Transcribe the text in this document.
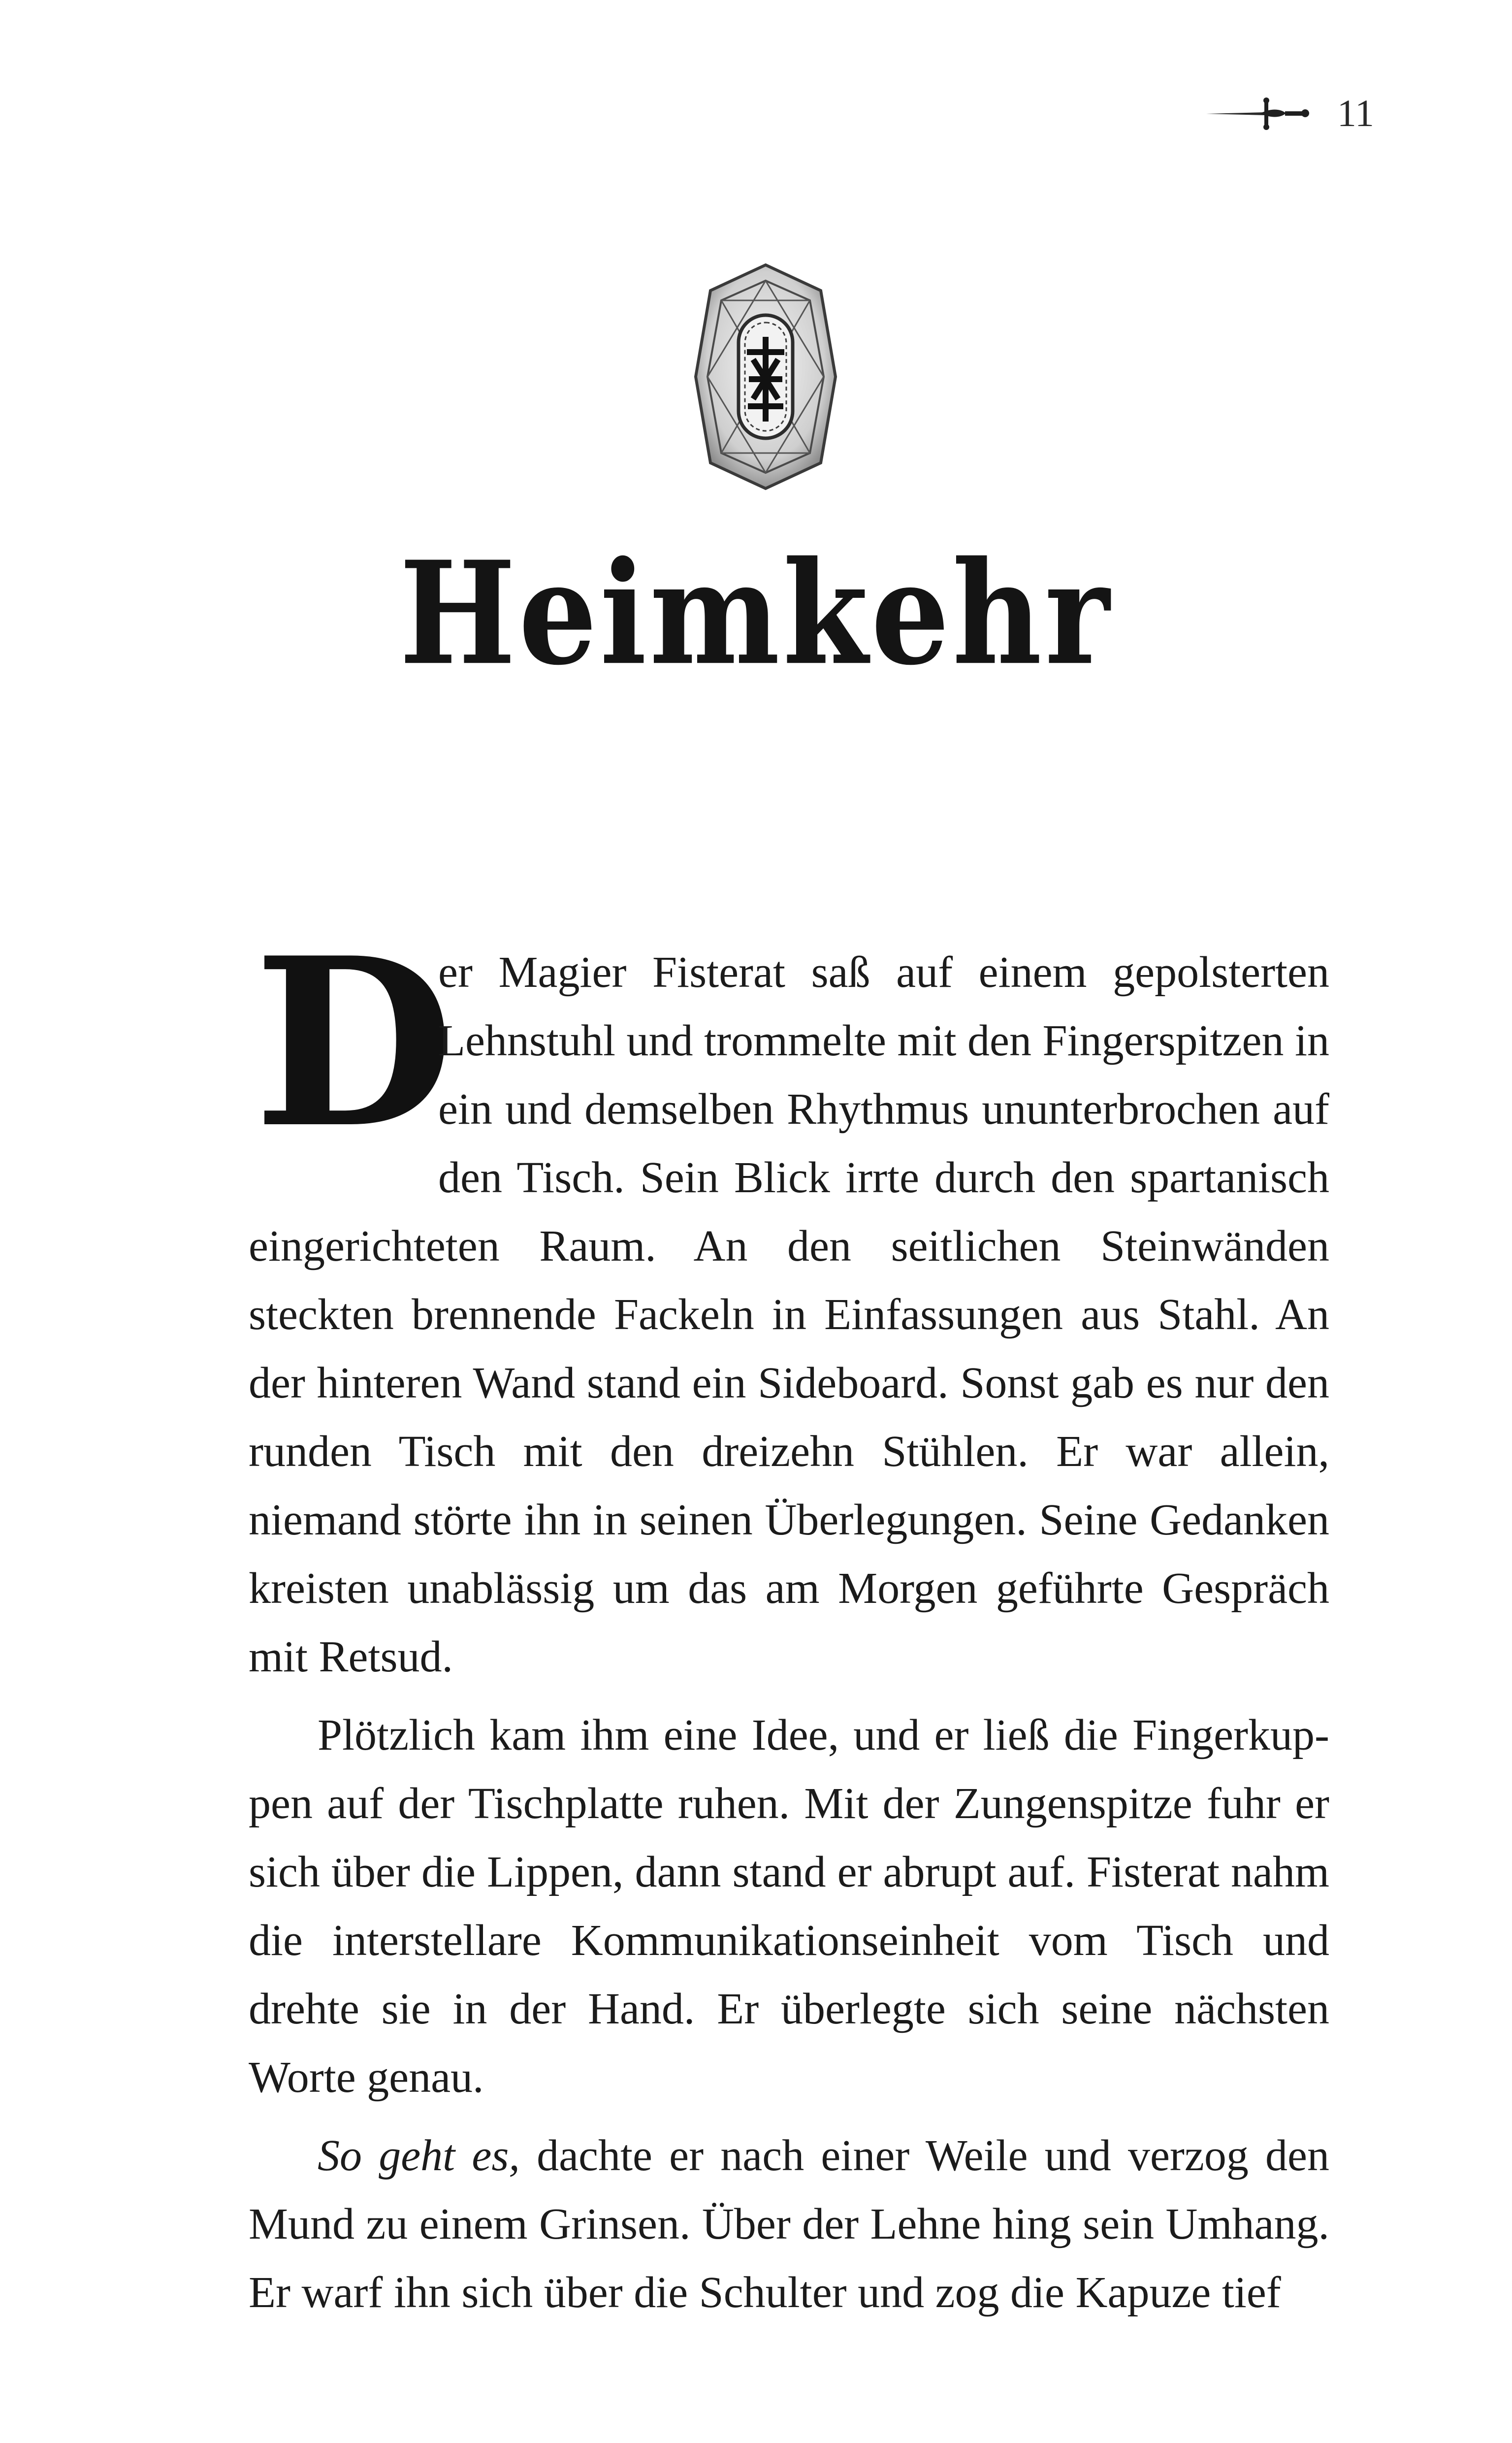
11
Heimkehr

D
er Magier Fisterat saß auf einem gepolsterten Lehnstuhl und trommelte mit den Fingerspitzen in ein und demselben Rhythmus ununterbrochen auf den Tisch. Sein Blick irrte durch den spartanisch eingerichteten Raum. An den seitlichen Steinwänden steckten brennende Fackeln in Einfassungen aus Stahl. An der hinteren Wand stand ein Sideboard. Sonst gab es nur den runden Tisch mit den dreizehn Stühlen. Er war allein, niemand störte ihn in seinen Überlegungen. Seine Gedanken kreisten unablässig um das am Morgen geführte Gespräch mit Retsud.

Plötzlich kam ihm eine Idee, und er ließ die Fingerkuppen auf der Tischplatte ruhen. Mit der Zungenspitze fuhr er sich über die Lippen, dann stand er abrupt auf. Fisterat nahm die interstellare Kommunikationseinheit vom Tisch und drehte sie in der Hand. Er überlegte sich seine nächsten Worte genau.

So geht es, dachte er nach einer Weile und verzog den Mund zu einem Grinsen. Über der Lehne hing sein Umhang. Er warf ihn sich über die Schulter und zog die Kapuze tief
